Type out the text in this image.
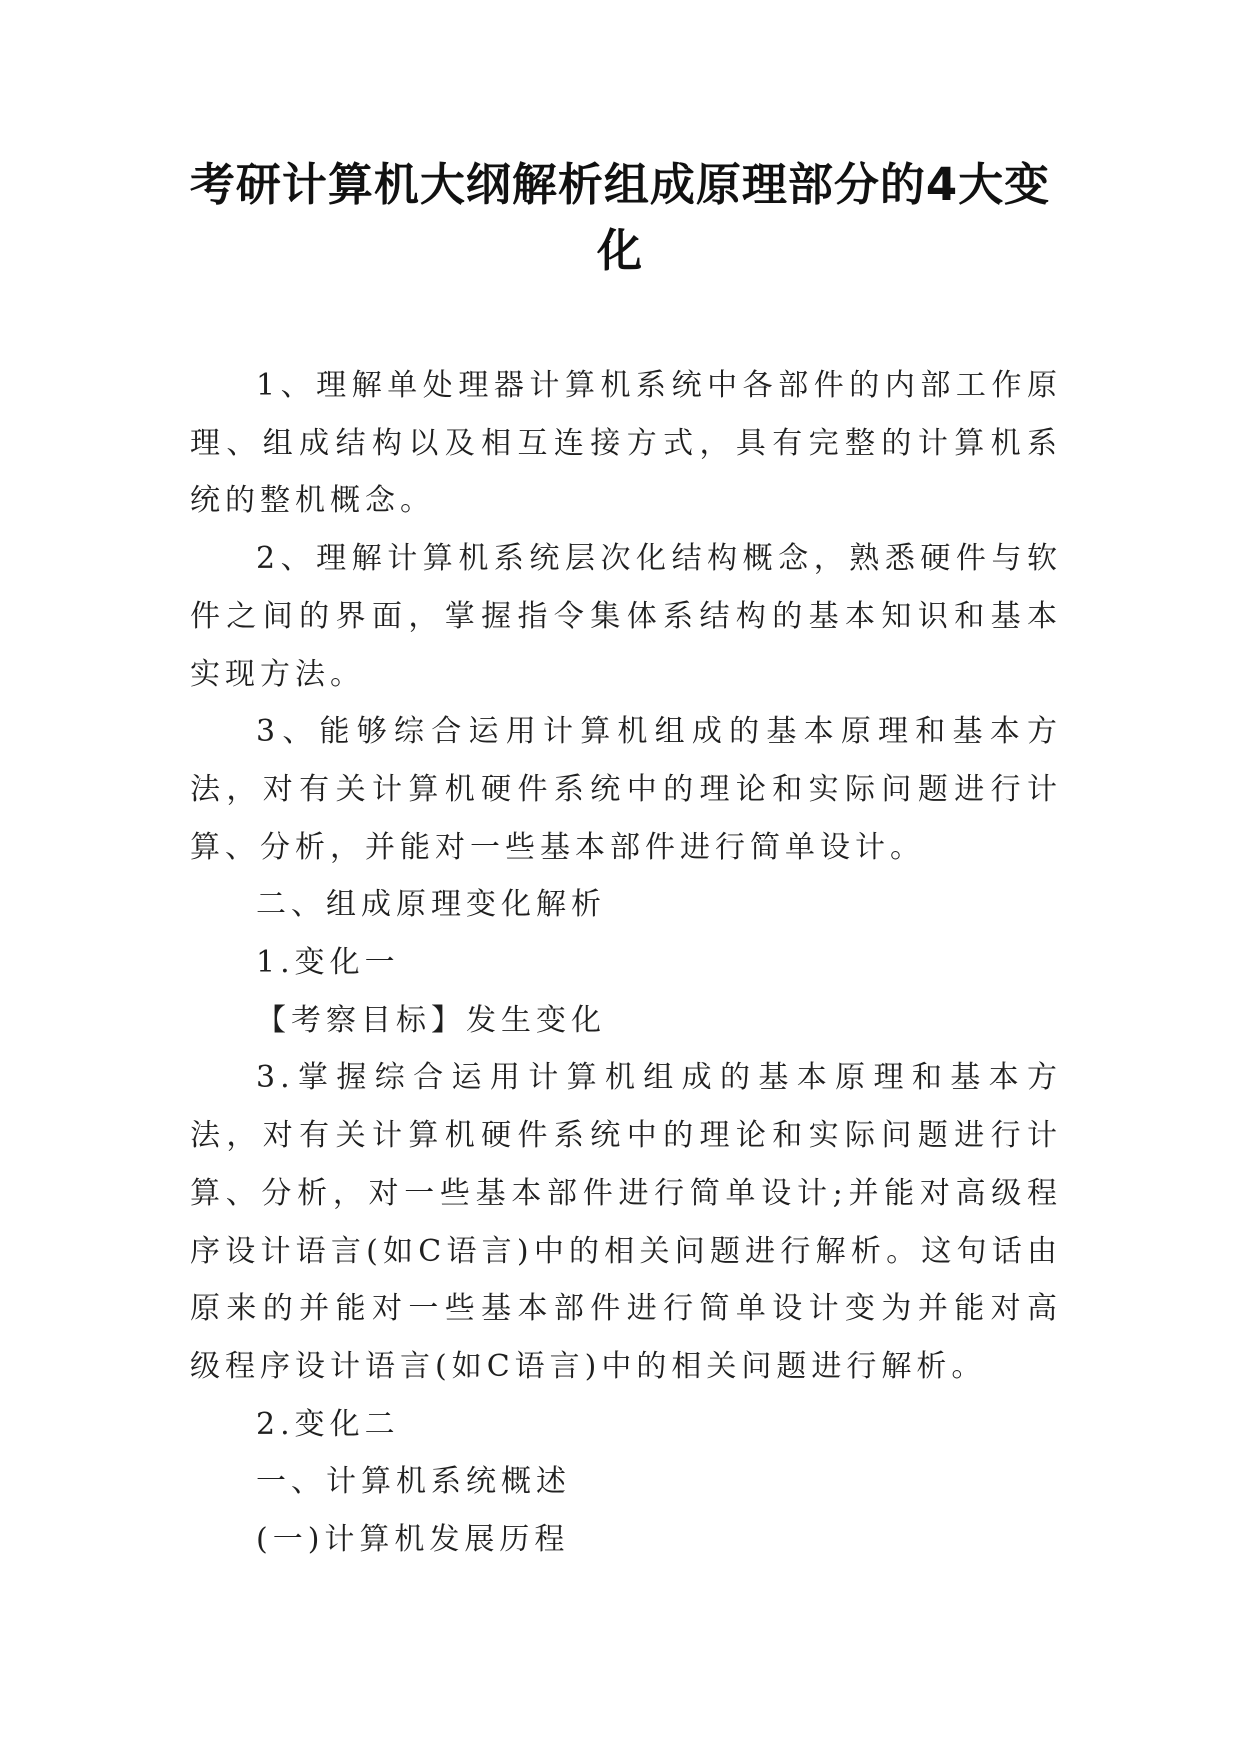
考研计算机大纲解析组成原理部分的4大变化

1、理解单处理器计算机系统中各部件的内部工作原理、组成结构以及相互连接方式，具有完整的计算机系统的整机概念。

2、理解计算机系统层次化结构概念，熟悉硬件与软件之间的界面，掌握指令集体系结构的基本知识和基本实现方法。

3、能够综合运用计算机组成的基本原理和基本方法，对有关计算机硬件系统中的理论和实际问题进行计算、分析，并能对一些基本部件进行简单设计。

二、组成原理变化解析

1.变化一

【考察目标】发生变化

3.掌握综合运用计算机组成的基本原理和基本方法，对有关计算机硬件系统中的理论和实际问题进行计算、分析，对一些基本部件进行简单设计;并能对高级程序设计语言(如C语言)中的相关问题进行解析。这句话由原来的并能对一些基本部件进行简单设计变为并能对高级程序设计语言(如C语言)中的相关问题进行解析。

2.变化二

一、计算机系统概述

(一)计算机发展历程
